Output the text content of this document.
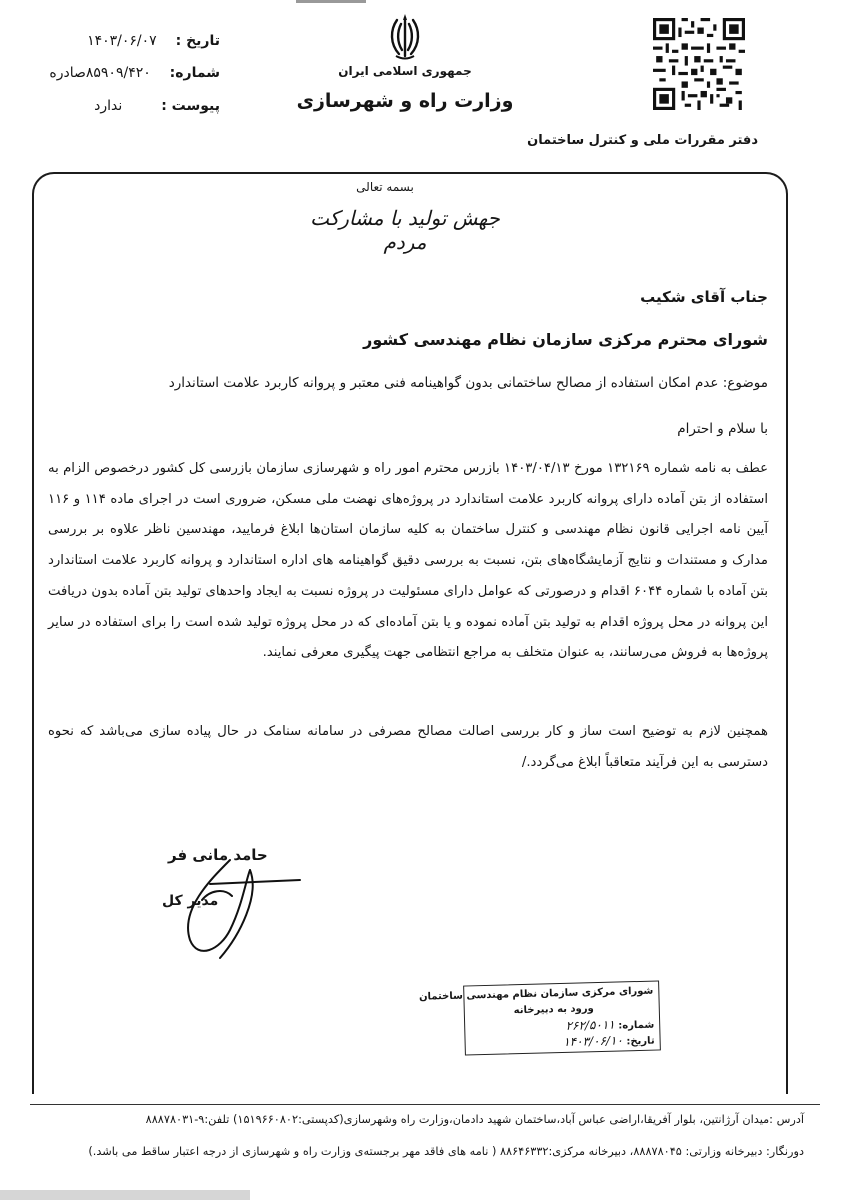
جمهوری اسلامی ایران
وزارت راه و شهرسازی
تاریخ :  ۱۴۰۳/۰۶/۰۷
شماره:  ۸۵۹۰۹/۴۲۰صادره
پیوست :  ندارد
دفتر مقررات ملی و کنترل ساختمان
بسمه تعالی
جهش تولید با مشارکت مردم
جناب آقای شکیب
شورای محترم مرکزی سازمان نظام مهندسی کشور
موضوع: عدم امکان استفاده از مصالح ساختمانی بدون گواهینامه فنی معتبر و پروانه کاربرد علامت استاندارد
با سلام و احترام
عطف به نامه شماره ۱۳۲۱۶۹ مورخ ۱۴۰۳/۰۴/۱۳ بازرس محترم امور راه و شهرسازی سازمان بازرسی کل کشور درخصوص الزام به استفاده از بتن آماده دارای پروانه کاربرد علامت استاندارد در پروژه‌های نهضت ملی مسکن، ضروری است در اجرای ماده ۱۱۴ و ۱۱۶ آیین نامه اجرایی قانون نظام مهندسی و کنترل ساختمان به کلیه سازمان استان‌ها ابلاغ فرمایید، مهندسین ناظر علاوه بر بررسی مدارک و مستندات و نتایج آزمایشگاه‌های بتن، نسبت به بررسی دقیق گواهینامه های اداره استاندارد و پروانه کاربرد علامت استاندارد بتن آماده با شماره ۶۰۴۴ اقدام و درصورتی که عوامل دارای مسئولیت در پروژه نسبت به ایجاد واحدهای تولید بتن آماده بدون دریافت این پروانه در محل پروژه اقدام به تولید بتن آماده نموده و یا بتن آماده‌ای که در محل پروژه تولید شده است را برای استفاده در سایر پروژه‌ها به فروش می‌رسانند، به عنوان متخلف به مراجع انتظامی جهت پیگیری معرفی نمایند.
همچنین لازم به توضیح است ساز و کار بررسی اصالت مصالح مصرفی در سامانه سنامک در حال پیاده سازی می‌باشد که نحوه دسترسی به این فرآیند متعاقباً ابلاغ می‌گردد./
حامد مانی فر
مدیر کل
شورای مرکزی سازمان نظام مهندسی ساختمان
ورود به دبیرخانه
شماره: ۲۶۲/۵۰۱۱
تاریخ: ۱۴۰۳/۰۶/۱۰
آدرس :میدان آرژانتین، بلوار آفریقا،اراضی عباس آباد،ساختمان شهید دادمان،وزارت راه وشهرسازی(کدپستی:۱۵۱۹۶۶۰۸۰۲) تلفن:۹-۸۸۸۷۸۰۳۱
دورنگار: دبیرخانه وزارتی: ۸۸۸۷۸۰۴۵، دبیرخانه مرکزی:۸۸۶۴۶۳۳۲ ( نامه های فاقد مهر برجسته‌ی وزارت راه و شهرسازی از درجه اعتبار ساقط می باشد.)
